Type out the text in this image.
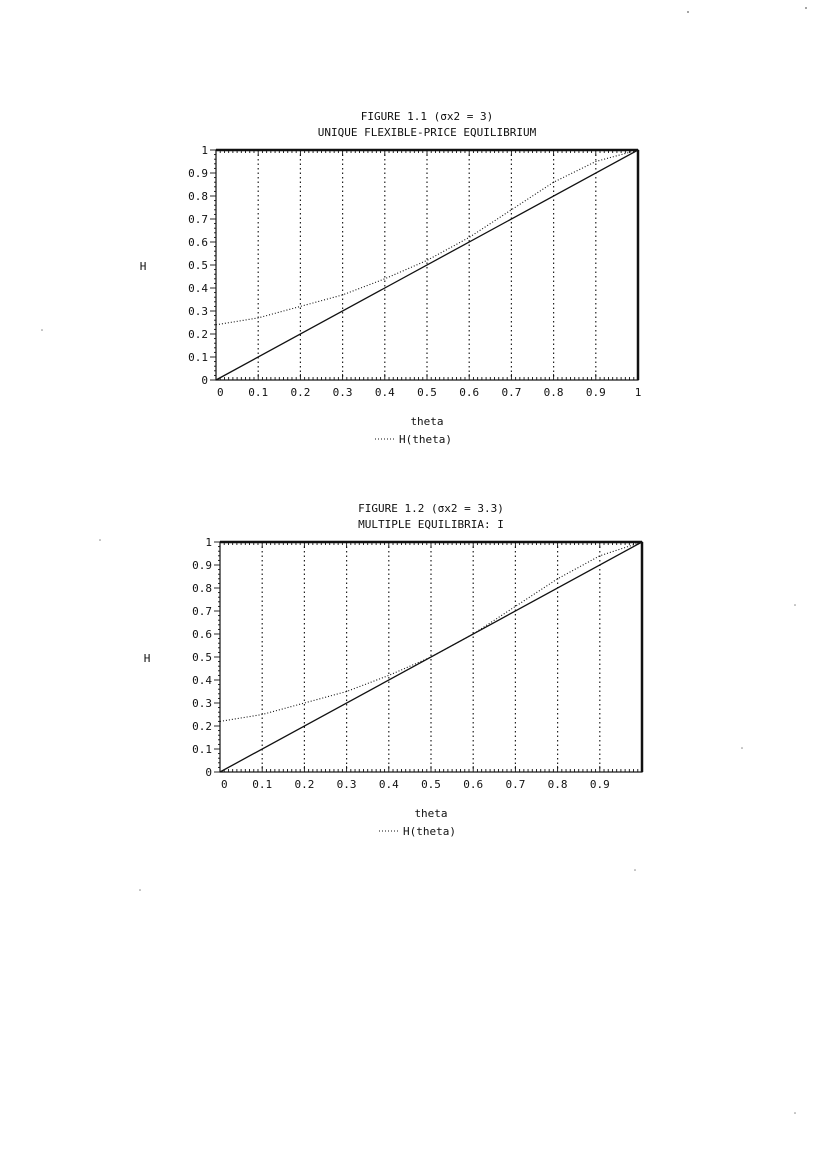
FIGURE 1.1 (σx2 = 3)
UNIQUE FLEXIBLE-PRICE EQUILIBRIUM
0
0.1
0.2
0.3
0.4
0.5
0.6
0.7
0.8
0.9
1
0 0.1 0.2 0.3 0.4 0.5 0.6 0.7 0.8 0.9	1
H
theta
H(theta)
FIGURE 1.2 (σx2 = 3.3)
MULTIPLE EQUILIBRIA: I
0
0.1
0.2
0.3
0.4
0.5
0.6
0.7
0.8
0.9
1
0 0.1 0.2 0.3 0.4 0.5 0.6 0.7 0.8 0.9
H
theta
H(theta)
